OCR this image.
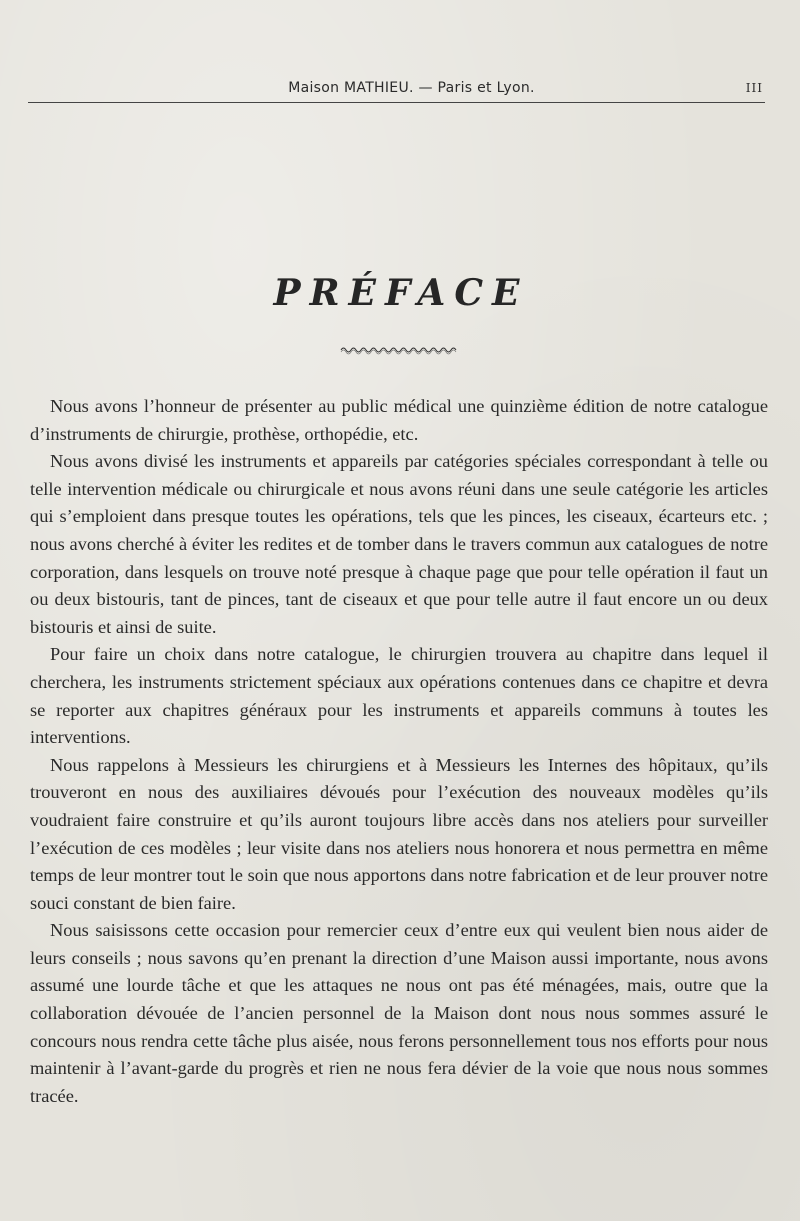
Maison MATHIEU. — Paris et Lyon.	III
PRÉFACE

Nous avons l’honneur de présenter au public médical une quinzième édition de notre catalogue d’instruments de chirurgie, prothèse, orthopédie, etc.

Nous avons divisé les instruments et appareils par catégories spéciales correspondant à telle ou telle intervention médicale ou chirurgicale et nous avons réuni dans une seule catégorie les articles qui s’emploient dans presque toutes les opérations, tels que les pinces, les ciseaux, écarteurs etc. ; nous avons cherché à éviter les redites et de tomber dans le travers commun aux catalogues de notre corporation, dans lesquels on trouve noté presque à chaque page que pour telle opération il faut un ou deux bistouris, tant de pinces, tant de ciseaux et que pour telle autre il faut encore un ou deux bistouris et ainsi de suite.

Pour faire un choix dans notre catalogue, le chirurgien trouvera au chapitre dans lequel il cherchera, les instruments strictement spéciaux aux opérations contenues dans ce chapitre et devra se reporter aux chapitres généraux pour les instruments et appareils communs à toutes les interventions.

Nous rappelons à Messieurs les chirurgiens et à Messieurs les Internes des hôpitaux, qu’ils trouveront en nous des auxiliaires dévoués pour l’exécution des nouveaux modèles qu’ils voudraient faire construire et qu’ils auront toujours libre accès dans nos ateliers pour surveiller l’exécution de ces modèles ; leur visite dans nos ateliers nous honorera et nous permettra en même temps de leur montrer tout le soin que nous apportons dans notre fabrication et de leur prouver notre souci constant de bien faire.

Nous saisissons cette occasion pour remercier ceux d’entre eux qui veulent bien nous aider de leurs conseils ; nous savons qu’en prenant la direction d’une Maison aussi importante, nous avons assumé une lourde tâche et que les attaques ne nous ont pas été ménagées, mais, outre que la collaboration dévouée de l’ancien personnel de la Maison dont nous nous sommes assuré le concours nous rendra cette tâche plus aisée, nous ferons personnellement tous nos efforts pour nous maintenir à l’avant-garde du progrès et rien ne nous fera dévier de la voie que nous nous sommes tracée.
